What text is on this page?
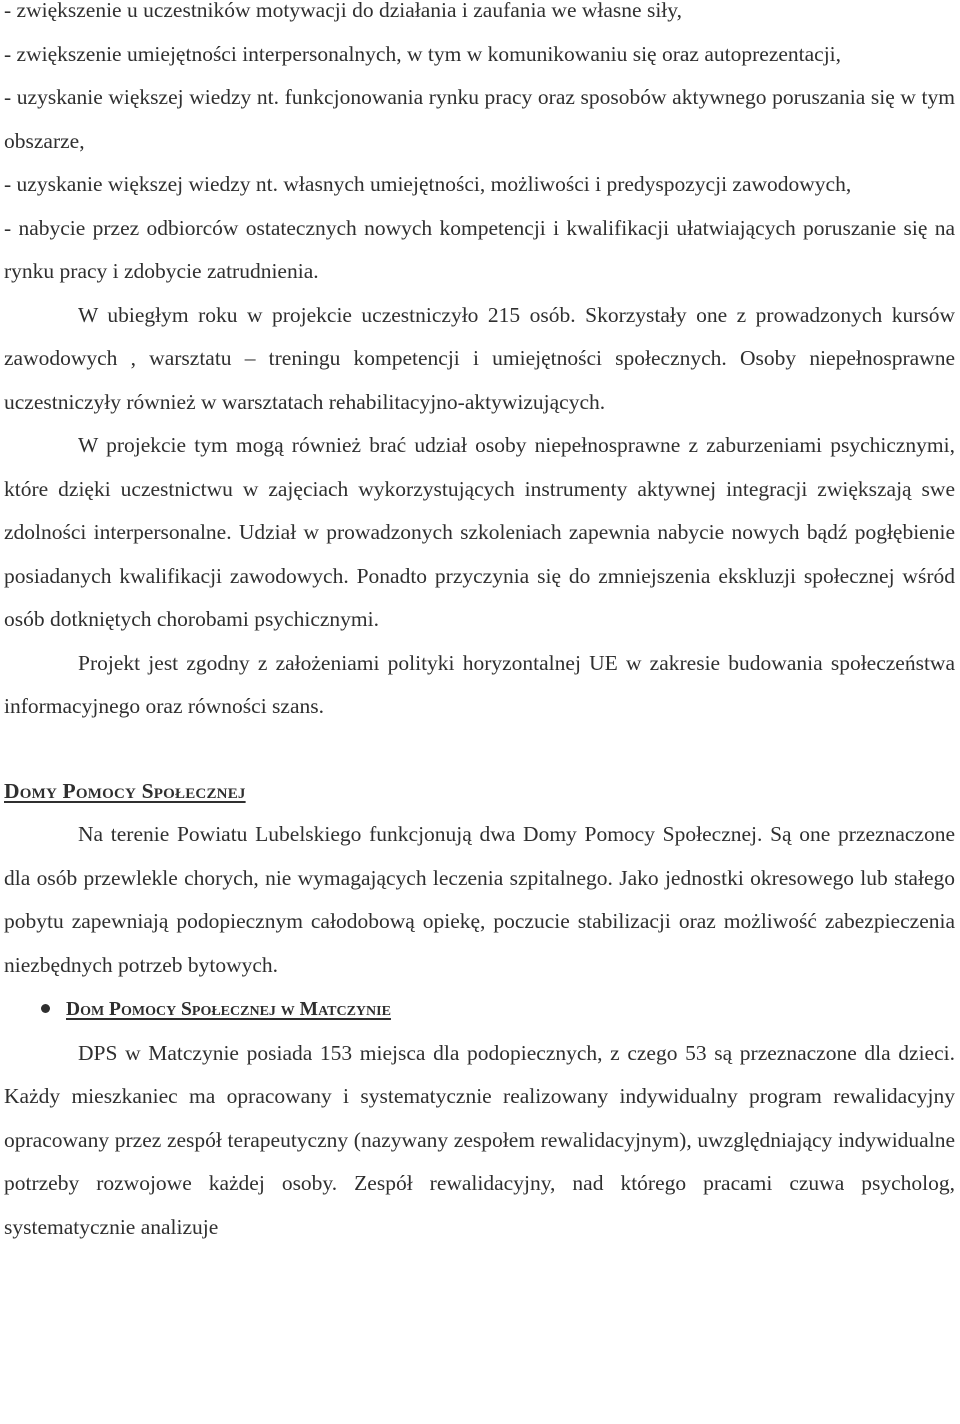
- zwiększenie u uczestników motywacji do działania i zaufania we własne siły,

- zwiększenie umiejętności interpersonalnych, w tym w komunikowaniu się oraz autoprezentacji,

- uzyskanie większej wiedzy nt. funkcjonowania rynku pracy oraz sposobów aktywnego poruszania się w tym obszarze,

- uzyskanie większej wiedzy nt. własnych umiejętności, możliwości i predyspozycji zawodowych,

- nabycie przez odbiorców ostatecznych nowych kompetencji i kwalifikacji ułatwiających poruszanie się na rynku pracy i zdobycie zatrudnienia.

W ubiegłym roku w projekcie uczestniczyło 215 osób. Skorzystały one z prowadzonych kursów zawodowych , warsztatu – treningu kompetencji i umiejętności społecznych. Osoby niepełnosprawne uczestniczyły również w warsztatach rehabilitacyjno-aktywizujących.

W projekcie tym mogą również brać udział osoby niepełnosprawne z zaburzeniami psychicznymi, które dzięki uczestnictwu w zajęciach wykorzystujących instrumenty aktywnej integracji zwiększają swe zdolności interpersonalne. Udział w prowadzonych szkoleniach zapewnia nabycie nowych bądź pogłębienie posiadanych kwalifikacji zawodowych. Ponadto przyczynia się do zmniejszenia ekskluzji społecznej wśród osób dotkniętych chorobami psychicznymi.

Projekt jest zgodny z założeniami polityki horyzontalnej UE w zakresie budowania społeczeństwa informacyjnego oraz równości szans.

Domy Pomocy Społecznej

Na terenie Powiatu Lubelskiego funkcjonują dwa Domy Pomocy Społecznej. Są one przeznaczone dla osób przewlekle chorych, nie wymagających leczenia szpitalnego. Jako jednostki okresowego lub stałego pobytu zapewniają podopiecznym całodobową opiekę, poczucie stabilizacji oraz możliwość zabezpieczenia niezbędnych potrzeb bytowych.

Dom Pomocy Społecznej w Matczynie

DPS w Matczynie posiada 153 miejsca dla podopiecznych, z czego 53 są przeznaczone dla dzieci. Każdy mieszkaniec ma opracowany i systematycznie realizowany indywidualny program rewalidacyjny opracowany przez zespół terapeutyczny (nazywany zespołem rewalidacyjnym), uwzględniający indywidualne potrzeby rozwojowe każdej osoby. Zespół rewalidacyjny, nad którego pracami czuwa psycholog, systematycznie analizuje
